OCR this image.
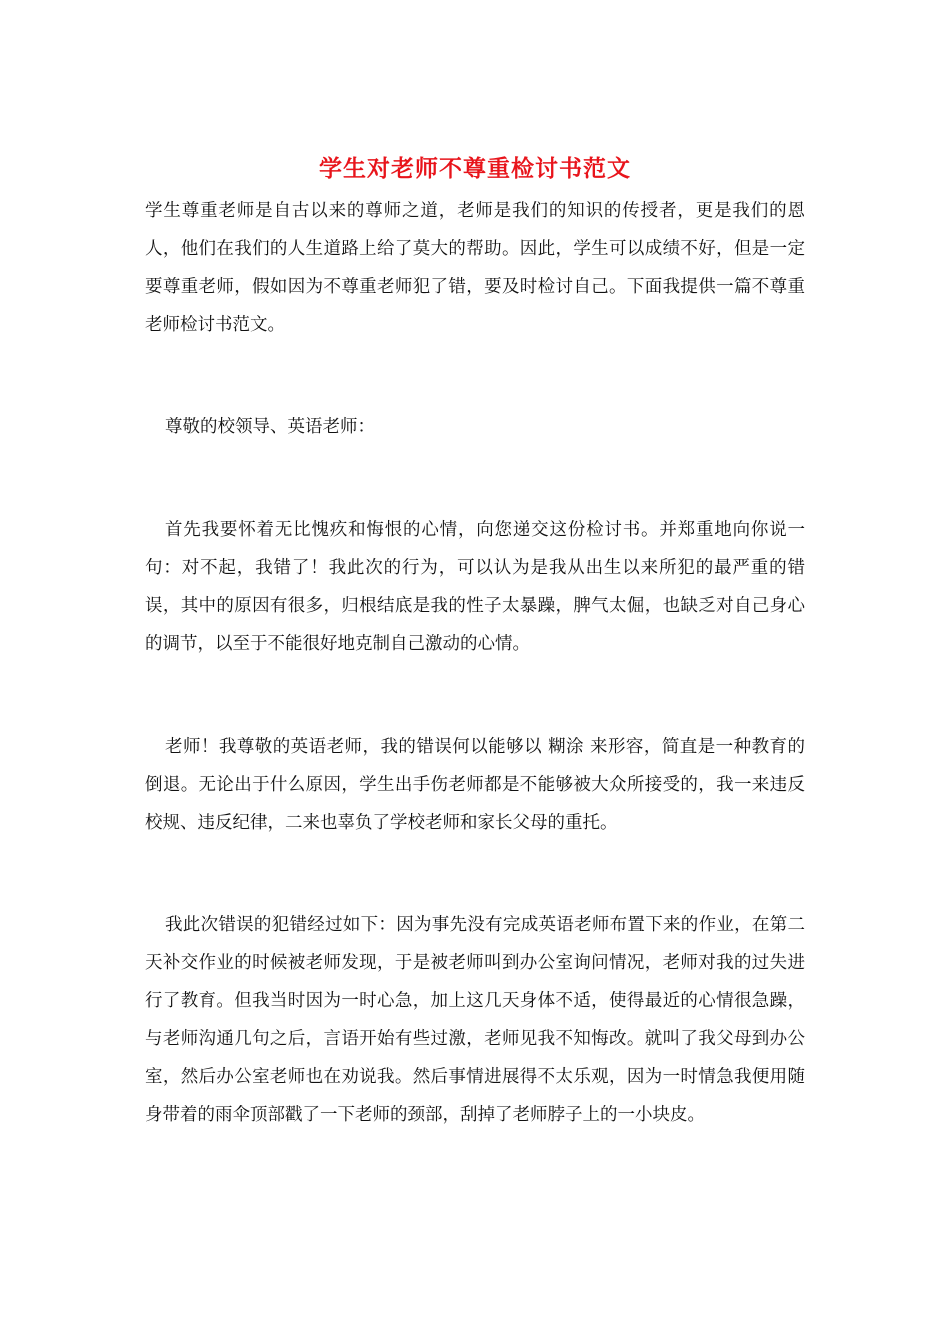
学生对老师不尊重检讨书范文

学生尊重老师是自古以来的尊师之道，老师是我们的知识的传授者，更是我们的恩人，他们在我们的人生道路上给了莫大的帮助。因此，学生可以成绩不好，但是一定要尊重老师，假如因为不尊重老师犯了错，要及时检讨自己。下面我提供一篇不尊重老师检讨书范文。

尊敬的校领导、英语老师：

首先我要怀着无比愧疚和悔恨的心情，向您递交这份检讨书。并郑重地向你说一句：对不起，我错了！我此次的行为，可以认为是我从出生以来所犯的最严重的错误，其中的原因有很多，归根结底是我的性子太暴躁，脾气太倔，也缺乏对自己身心的调节，以至于不能很好地克制自己激动的心情。

老师！我尊敬的英语老师，我的错误何以能够以 糊涂 来形容，简直是一种教育的倒退。无论出于什么原因，学生出手伤老师都是不能够被大众所接受的，我一来违反校规、违反纪律，二来也辜负了学校老师和家长父母的重托。

我此次错误的犯错经过如下：因为事先没有完成英语老师布置下来的作业，在第二天补交作业的时候被老师发现，于是被老师叫到办公室询问情况，老师对我的过失进行了教育。但我当时因为一时心急，加上这几天身体不适，使得最近的心情很急躁，与老师沟通几句之后，言语开始有些过激，老师见我不知悔改。就叫了我父母到办公室，然后办公室老师也在劝说我。然后事情进展得不太乐观，因为一时情急我便用随身带着的雨伞顶部戳了一下老师的颈部，刮掉了老师脖子上的一小块皮。
